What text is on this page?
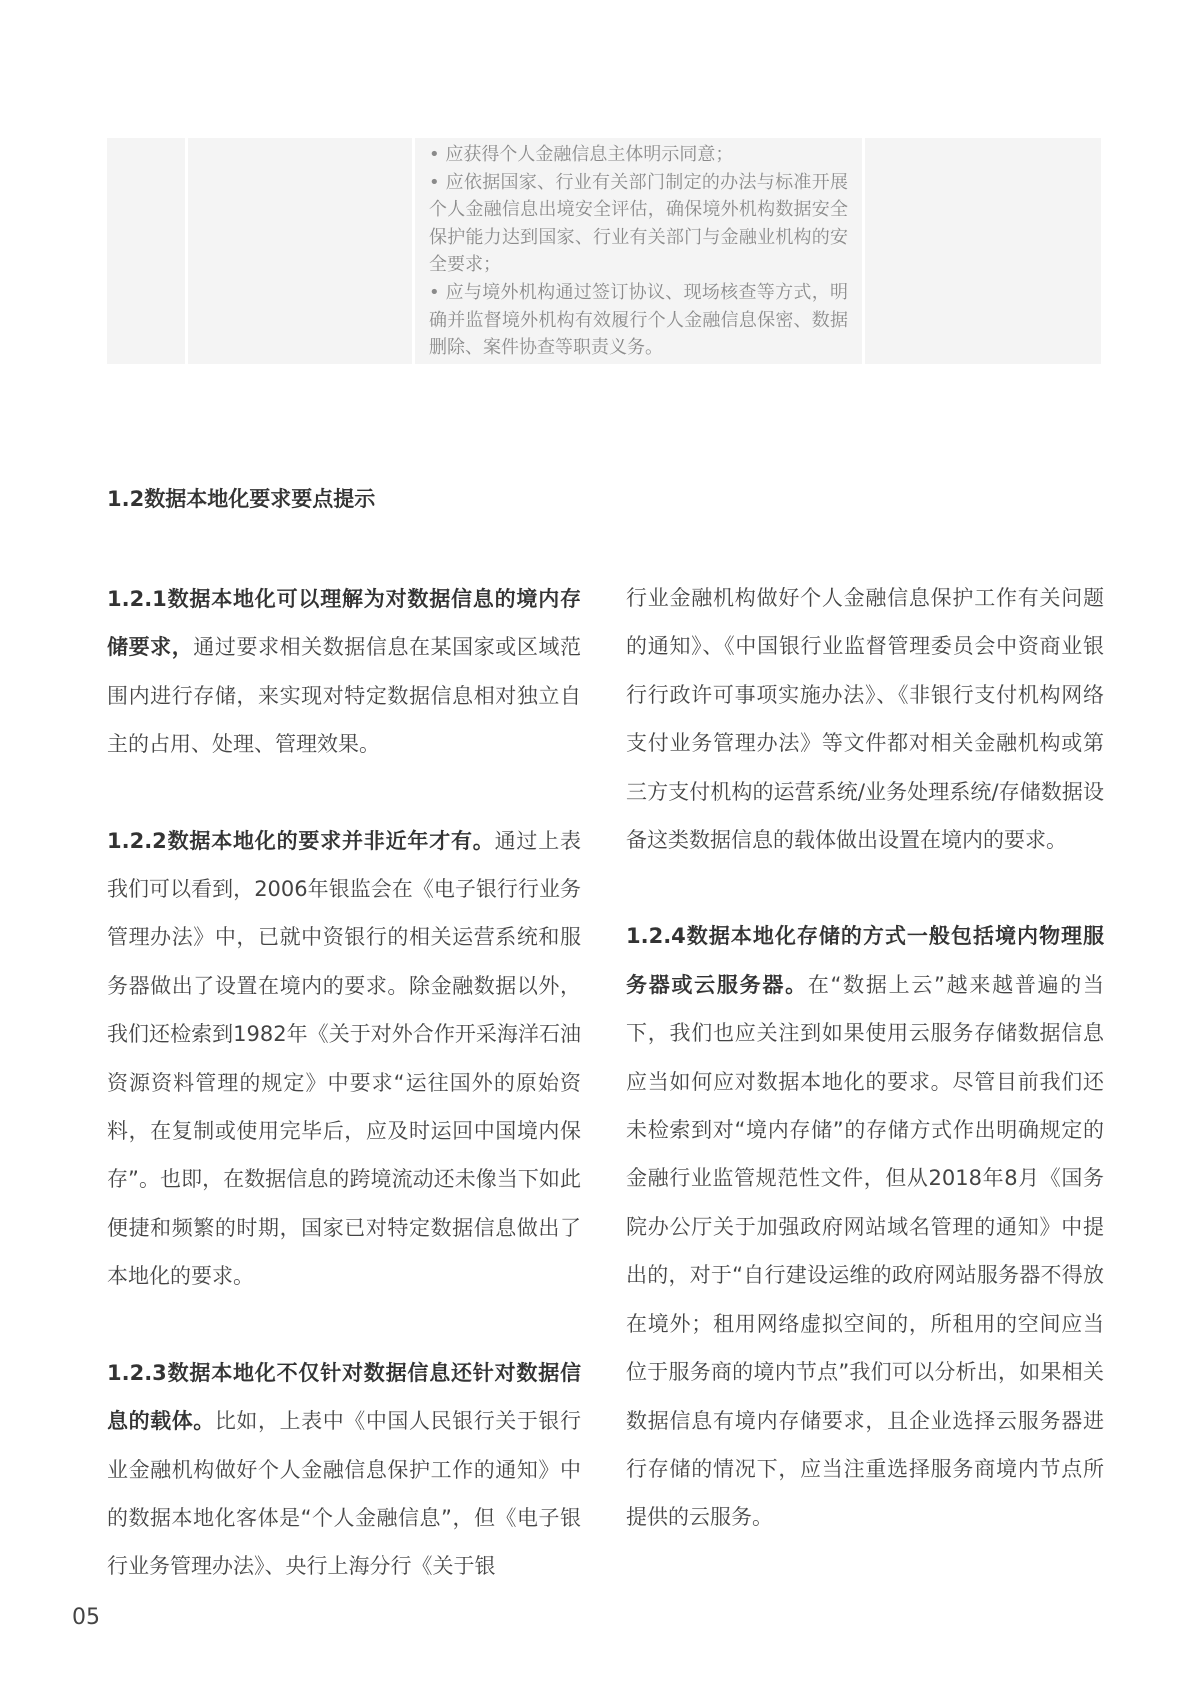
• 应获得个人金融信息主体明示同意；

• 应依据国家、行业有关部门制定的办法与标准开展个人金融信息出境安全评估，确保境外机构数据安全保护能力达到国家、行业有关部门与金融业机构的安全要求；

• 应与境外机构通过签订协议、现场核查等方式，明确并监督境外机构有效履行个人金融信息保密、数据删除、案件协查等职责义务。

1.2数据本地化要求要点提示

1.2.1数据本地化可以理解为对数据信息的境内存储要求，通过要求相关数据信息在某国家或区域范围内进行存储，来实现对特定数据信息相对独立自主的占用、处理、管理效果。

1.2.2数据本地化的要求并非近年才有。通过上表我们可以看到，2006年银监会在《电子银行行业务管理办法》中，已就中资银行的相关运营系统和服务器做出了设置在境内的要求。除金融数据以外，我们还检索到1982年《关于对外合作开采海洋石油资源资料管理的规定》中要求“运往国外的原始资料，在复制或使用完毕后，应及时运回中国境内保存”。也即，在数据信息的跨境流动还未像当下如此便捷和频繁的时期，国家已对特定数据信息做出了本地化的要求。

1.2.3数据本地化不仅针对数据信息还针对数据信息的载体。比如，上表中《中国人民银行关于银行业金融机构做好个人金融信息保护工作的通知》中的数据本地化客体是“个人金融信息”，但《电子银行业务管理办法》、央行上海分行《关于银

行业金融机构做好个人金融信息保护工作有关问题的通知》、《中国银行业监督管理委员会中资商业银行行政许可事项实施办法》、《非银行支付机构网络支付业务管理办法》等文件都对相关金融机构或第三方支付机构的运营系统/业务处理系统/存储数据设备这类数据信息的载体做出设置在境内的要求。

1.2.4数据本地化存储的方式一般包括境内物理服务器或云服务器。在“数据上云”越来越普遍的当下，我们也应关注到如果使用云服务存储数据信息应当如何应对数据本地化的要求。尽管目前我们还未检索到对“境内存储”的存储方式作出明确规定的金融行业监管规范性文件，但从2018年8月《国务院办公厅关于加强政府网站域名管理的通知》中提出的，对于“自行建设运维的政府网站服务器不得放在境外；租用网络虚拟空间的，所租用的空间应当位于服务商的境内节点”我们可以分析出，如果相关数据信息有境内存储要求，且企业选择云服务器进行存储的情况下，应当注重选择服务商境内节点所提供的云服务。

05
